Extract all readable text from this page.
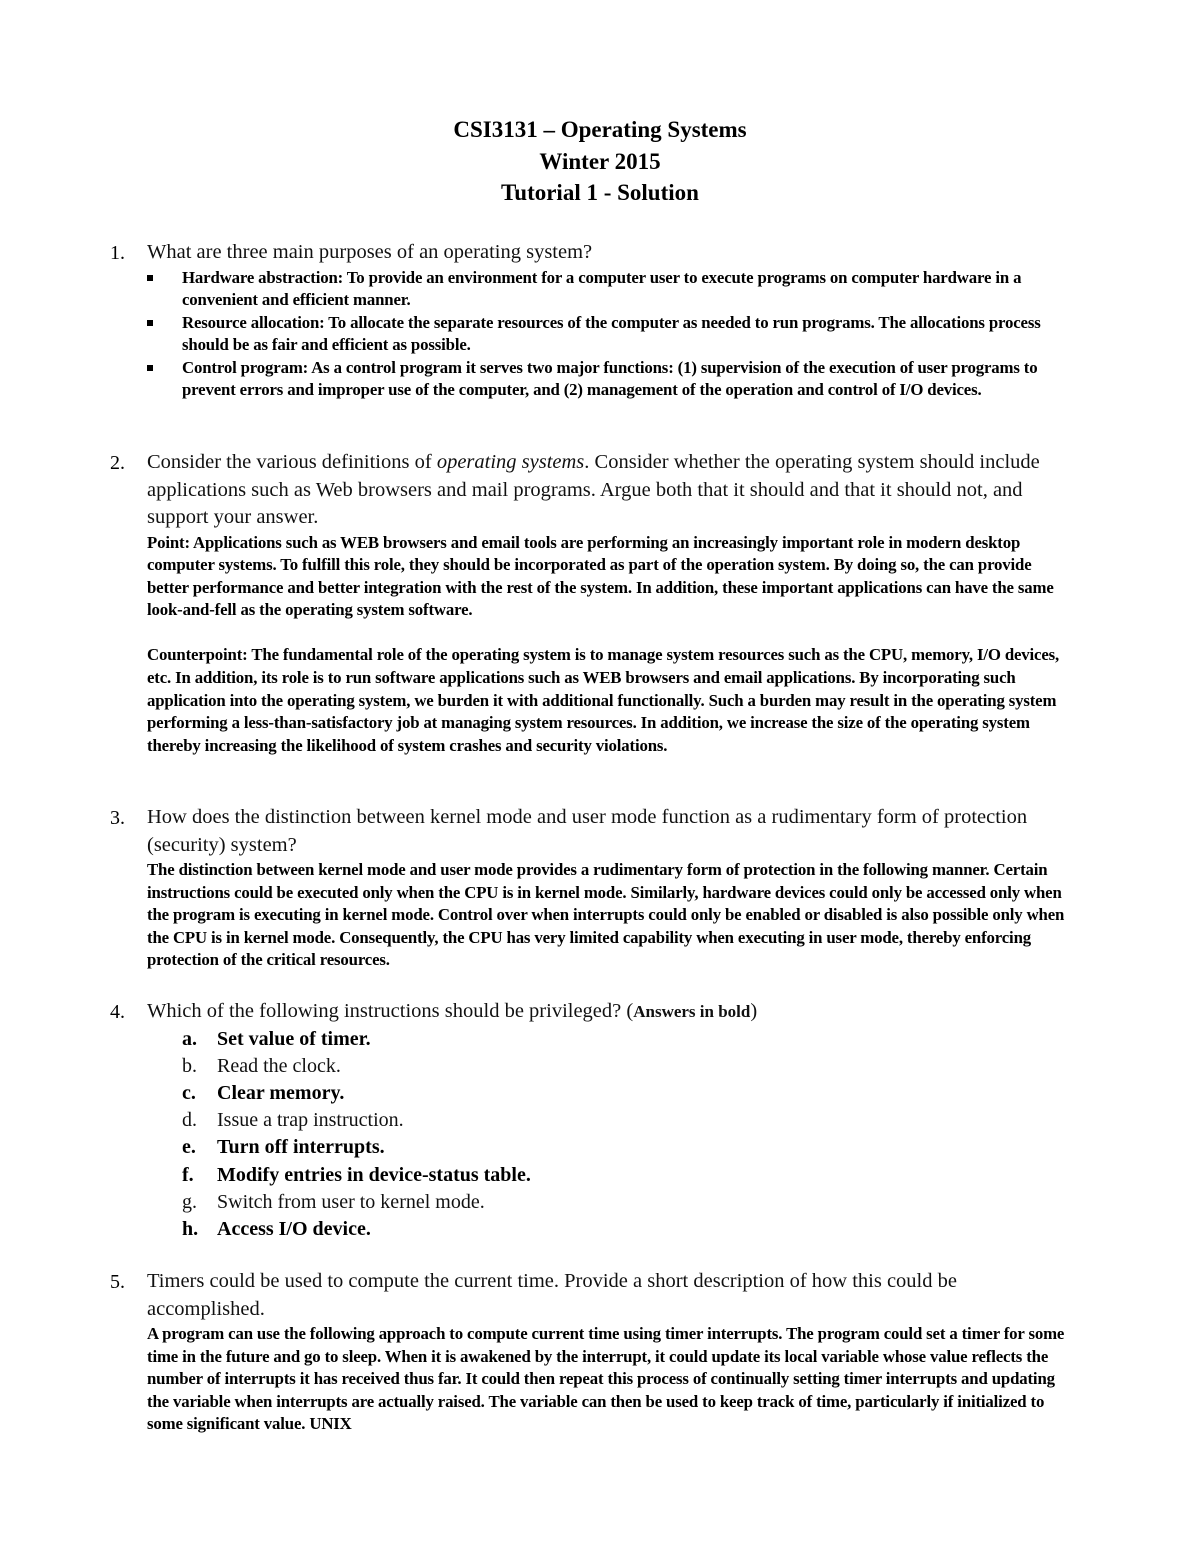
CSI3131 – Operating Systems
Winter 2015
Tutorial 1 - Solution
1. What are three main purposes of an operating system?
Hardware abstraction: To provide an environment for a computer user to execute programs on computer hardware in a convenient and efficient manner.
Resource allocation: To allocate the separate resources of the computer as needed to run programs. The allocations process should be as fair and efficient as possible.
Control program: As a control program it serves two major functions: (1) supervision of the execution of user programs to prevent errors and improper use of the computer, and (2) management of the operation and control of I/O devices.
2. Consider the various definitions of operating systems. Consider whether the operating system should include applications such as Web browsers and mail programs. Argue both that it should and that it should not, and support your answer.

Point: Applications such as WEB browsers and email tools are performing an increasingly important role in modern desktop computer systems. To fulfill this role, they should be incorporated as part of the operation system. By doing so, the can provide better performance and better integration with the rest of the system. In addition, these important applications can have the same look-and-fell as the operating system software.

Counterpoint: The fundamental role of the operating system is to manage system resources such as the CPU, memory, I/O devices, etc. In addition, its role is to run software applications such as WEB browsers and email applications. By incorporating such application into the operating system, we burden it with additional functionally. Such a burden may result in the operating system performing a less-than-satisfactory job at managing system resources. In addition, we increase the size of the operating system thereby increasing the likelihood of system crashes and security violations.

3. How does the distinction between kernel mode and user mode function as a rudimentary form of protection (security) system?
The distinction between kernel mode and user mode provides a rudimentary form of protection in the following manner. Certain instructions could be executed only when the CPU is in kernel mode. Similarly, hardware devices could only be accessed only when the program is executing in kernel mode. Control over when interrupts could only be enabled or disabled is also possible only when the CPU is in kernel mode. Consequently, the CPU has very limited capability when executing in user mode, thereby enforcing protection of the critical resources.
4. Which of the following instructions should be privileged? (Answers in bold)
a. Set value of timer.
b. Read the clock.
c. Clear memory.
d. Issue a trap instruction.
e. Turn off interrupts.
f. Modify entries in device-status table.
g. Switch from user to kernel mode.
h. Access I/O device.
5. Timers could be used to compute the current time. Provide a short description of how this could be accomplished.
A program can use the following approach to compute current time using timer interrupts. The program could set a timer for some time in the future and go to sleep. When it is awakened by the interrupt, it could update its local variable whose value reflects the number of interrupts it has received thus far. It could then repeat this process of continually setting timer interrupts and updating the variable when interrupts are actually raised. The variable can then be used to keep track of time, particularly if initialized to some significant value. UNIX
